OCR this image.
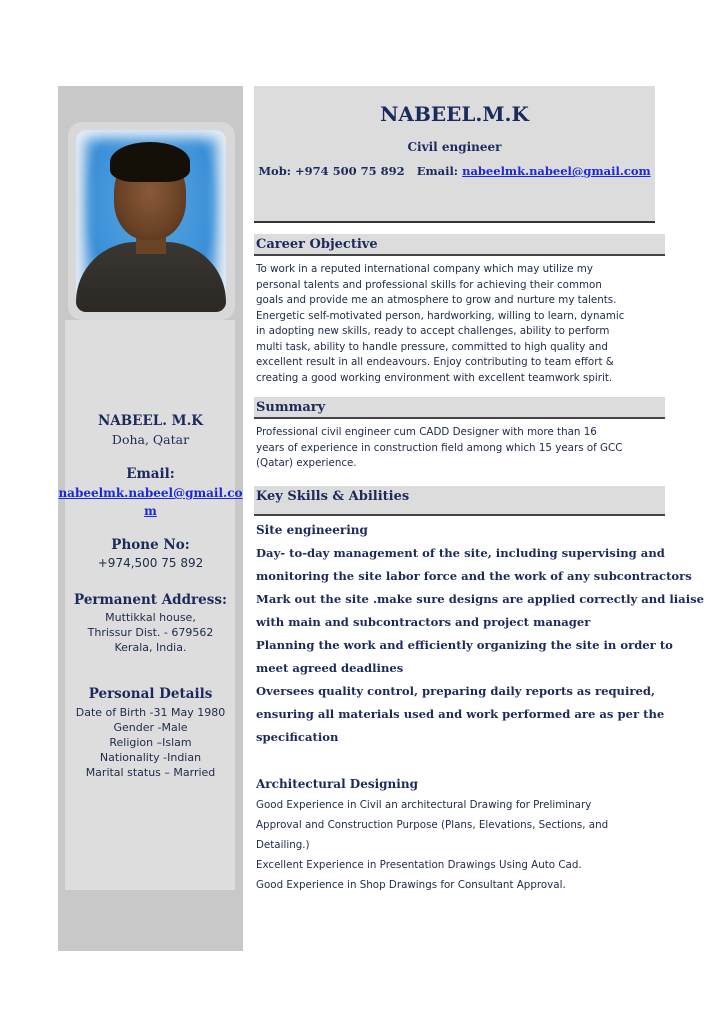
NABEEL. M.K
Doha, Qatar
Email:
nabeelmk.nabeel@gmail.co
m
Phone No:
+974,500 75 892
Permanent Address:
Muttikkal house,
Thrissur Dist. - 679562
Kerala, India.
Personal Details
Date of Birth -31 May 1980
Gender -Male
Religion –Islam
Nationality -Indian
Marital status – Married
NABEEL.M.K
Civil engineer
Mob: +974 500 75 892 Email: nabeelmk.nabeel@gmail.com
Career Objective
To work in a reputed international company which may utilize my
personal talents and professional skills for achieving their common
goals and provide me an atmosphere to grow and nurture my talents.
Energetic self-motivated person, hardworking, willing to learn, dynamic
in adopting new skills, ready to accept challenges, ability to perform
multi task, ability to handle pressure, committed to high quality and
excellent result in all endeavours. Enjoy contributing to team effort &
creating a good working environment with excellent teamwork spirit.
Summary
Professional civil engineer cum CADD Designer with more than 16
years of experience in construction field among which 15 years of GCC
(Qatar) experience.
Key Skills & Abilities
Site engineering
Day- to-day management of the site, including supervising and
monitoring the site labor force and the work of any subcontractors
Mark out the site .make sure designs are applied correctly and liaise
with main and subcontractors and project manager
Planning the work and efficiently organizing the site in order to
meet agreed deadlines
Oversees quality control, preparing daily reports as required,
ensuring all materials used and work performed are as per the
specification
Architectural Designing
Good Experience in Civil an architectural Drawing for Preliminary
Approval and Construction Purpose (Plans, Elevations, Sections, and
Detailing.)
Excellent Experience in Presentation Drawings Using Auto Cad.
Good Experience in Shop Drawings for Consultant Approval.
